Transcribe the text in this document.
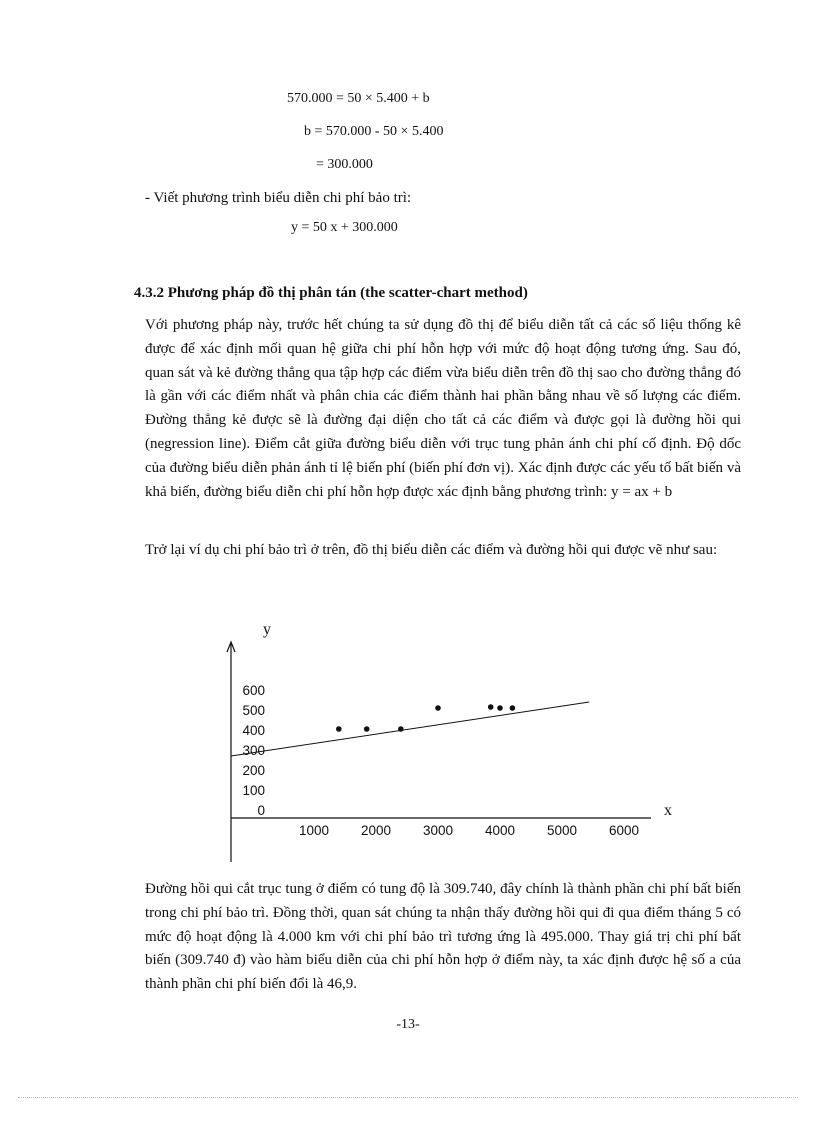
570.000 = 50 × 5.400 + b
b = 570.000 - 50 × 5.400
= 300.000
- Viết phương trình biểu diễn chi phí bảo trì:
y = 50 x + 300.000
4.3.2 Phương pháp đồ thị phân tán (the scatter-chart method)

Với phương pháp này, trước hết chúng ta sử dụng đồ thị để biểu diễn tất cả các số liệu thống kê được để xác định mối quan hệ giữa chi phí hỗn hợp với mức độ hoạt động tương ứng. Sau đó, quan sát và kẻ đường thẳng qua tập hợp các điểm vừa biểu diễn trên đồ thị sao cho đường thẳng đó là gần với các điểm nhất và phân chia các điểm thành hai phần bằng nhau về số lượng các điểm. Đường thẳng kẻ được sẽ là đường đại diện cho tất cả các điểm và được gọi là đường hồi qui (negression line). Điểm cắt giữa đường biểu diễn với trục tung phản ánh chi phí cố định. Độ dốc của đường biểu diễn phản ánh tỉ lệ biến phí (biến phí đơn vị). Xác định được các yếu tố bất biến và khả biến, đường biểu diễn chi phí hỗn hợp được xác định bằng phương trình: y = ax + b

Trở lại ví dụ chi phí bảo trì ở trên, đồ thị biểu diễn các điểm và đường hồi qui được vẽ như sau:

y
x
0
100
200
300
400
500
600
1000 2000 3000 4000 5000 6000

Đường hồi qui cắt trục tung ở điểm có tung độ là 309.740, đây chính là thành phần chi phí bất biến trong chi phí bảo trì. Đồng thời, quan sát chúng ta nhận thấy đường hồi qui đi qua điểm tháng 5 có mức độ hoạt động là 4.000 km với chi phí bảo trì tương ứng là 495.000. Thay giá trị chi phí bất biến (309.740 đ) vào hàm biểu diễn của chi phí hỗn hợp ở điểm này, ta xác định được hệ số a của thành phần chi phí biến đổi là 46,9.

-13-
